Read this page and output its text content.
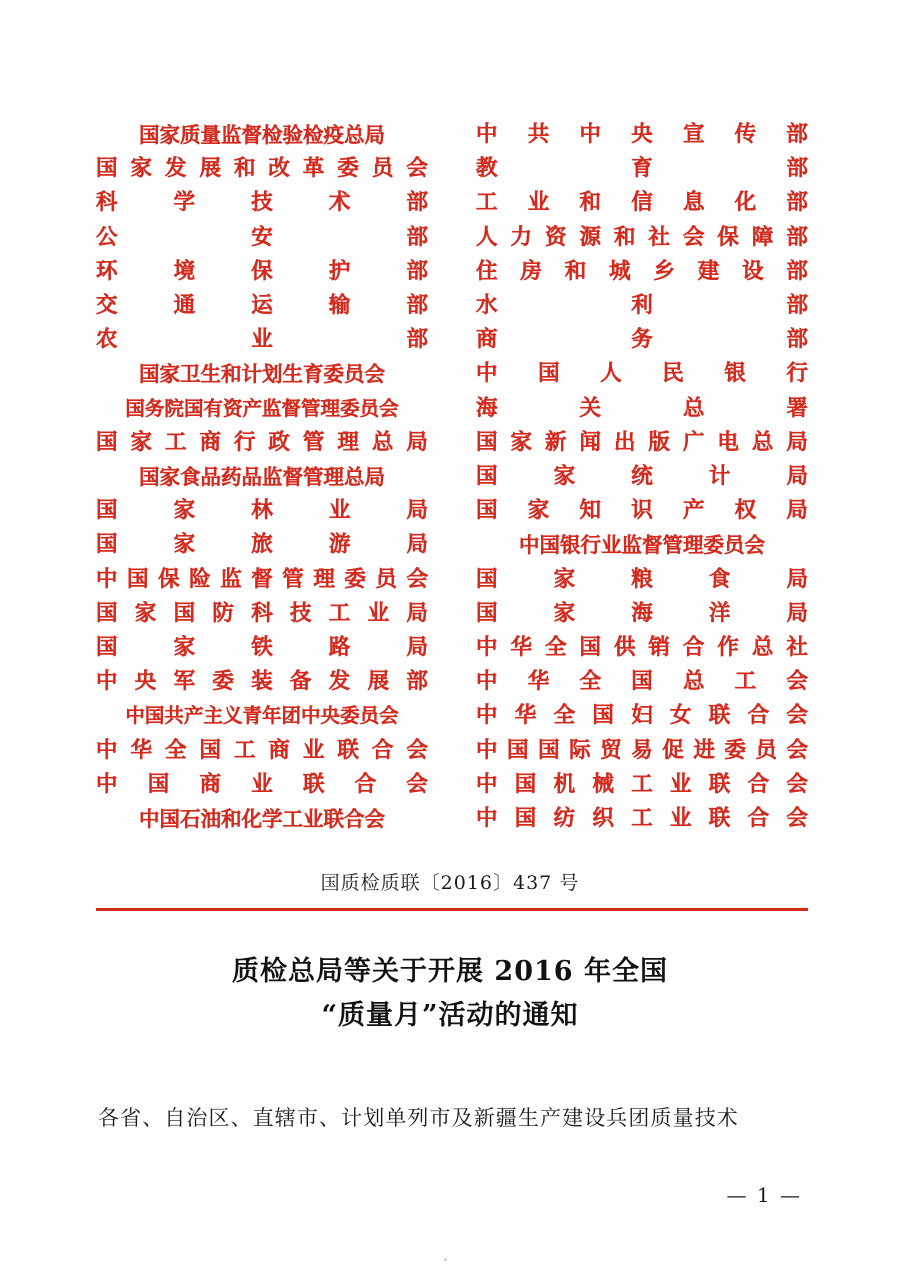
国 家 质 量 监 督 检 验 检 疫 总 局
国 家 发 展 和 改 革 委 员 会
科	学	技	术	部
公	安	部
环	境	保	护	部
交	通	运	输	部
农	业	部
国 家 卫 生 和 计 划 生 育 委 员 会
国 务 院 国 有 资 产 监 督 管 理 委 员 会
国 家 工 商 行 政 管 理 总 局
国 家 食 品 药 品 监 督 管 理 总 局
国	家	林	业	局
国	家	旅	游	局
中 国 保 险 监 督 管 理 委 员 会
国 家 国 防 科 技 工 业 局
国	家	铁	路	局
中 央 军 委 装 备 发 展 部
中 国 共 产 主 义 青 年 团 中 央 委 员 会
中 华 全 国 工 商 业 联 合 会
中 国 商 业 联 合 会
中 国 石 油 和 化 学 工 业 联 合 会
中 共 中 央 宣 传 部
教	育	部
工 业 和 信 息 化 部
人 力 资 源 和 社 会 保 障 部
住 房 和 城 乡 建 设 部
水	利	部
商	务	部
中 国 人 民 银 行
海	关	总	署
国 家 新 闻 出 版 广 电 总 局
国	家	统	计	局
国 家 知 识 产 权 局
中 国 银 行 业 监 督 管 理 委 员 会
国	家	粮	食	局
国	家	海	洋	局
中 华 全 国 供 销 合 作 总 社
中 华 全 国 总 工 会
中 华 全 国 妇 女 联 合 会
中 国 国 际 贸 易 促 进 委 员 会
中 国 机 械 工 业 联 合 会
中 国 纺 织 工 业 联 合 会
国质检质联〔2016〕437 号
质检总局等关于开展 2016 年全国
“质量月”活动的通知
各省、自治区、直辖市、计划单列市及新疆生产建设兵团质量技术
— 1 —
